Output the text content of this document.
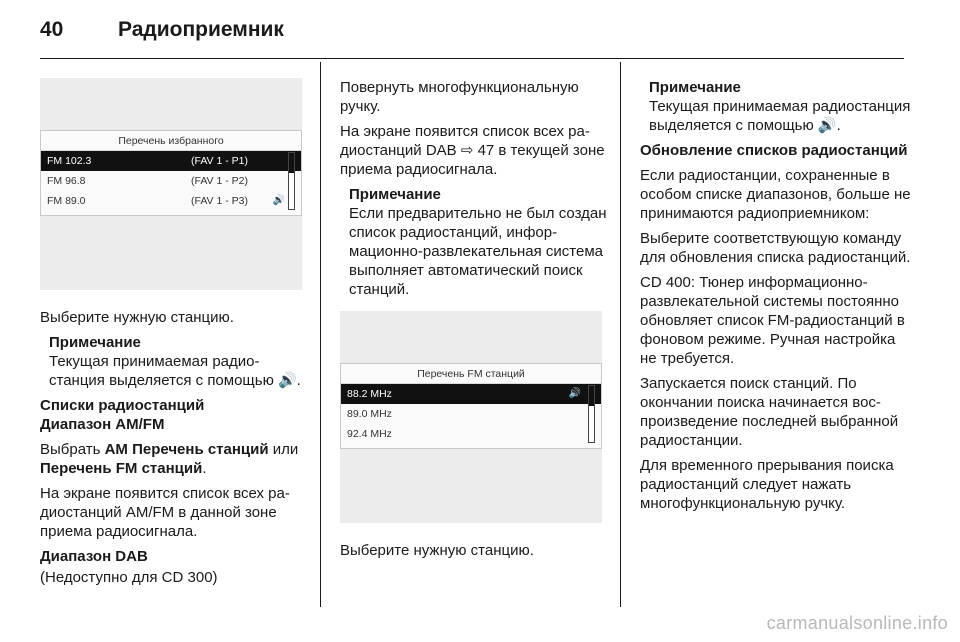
40	Радиоприемник
Перечень избранного
FM 102.3	(FAV 1 - P1)
FM 96.8	(FAV 1 - P2)
FM 89.0	(FAV 1 - P3) 🔊

Выберите нужную станцию.

Примечание
Текущая принимаемая радиостанция выделяется с помощью 🔊.
Списки радиостанций
Диапазон AM/FM

Выбрать AM Перечень станций или Перечень FM станций.

На экране появится список всех радиостанций AM/FM в данной зоне приема радиосигнала.

Диапазон DAB

(Недоступно для CD 300)

Повернуть многофункциональную ручку.

На экране появится список всех радиостанций DAB ⇨ 47 в текущей зоне приема радиосигнала.

Примечание
Если предварительно не был создан список радиостанций, информационно-развлекательная система выполняет автоматический поиск станций.
Перечень FM станций
88.2 MHz	🔊
89.0 MHz
92.4 MHz

Выберите нужную станцию.

Примечание
Текущая принимаемая радиостанция выделяется с помощью 🔊.
Обновление списков радиостанций

Если радиостанции, сохраненные в особом списке диапазонов, больше не принимаются радиоприемником:

Выберите соответствующую команду для обновления списка радиостанций.

CD 400: Тюнер информационно-развлекательной системы постоянно обновляет список FM-радиостанций в фоновом режиме. Ручная настройка не требуется.

Запускается поиск станций. По окончании поиска начинается воспроизведение последней выбранной радиостанции.

Для временного прерывания поиска радиостанций следует нажать многофункциональную ручку.

carmanualsonline.info
